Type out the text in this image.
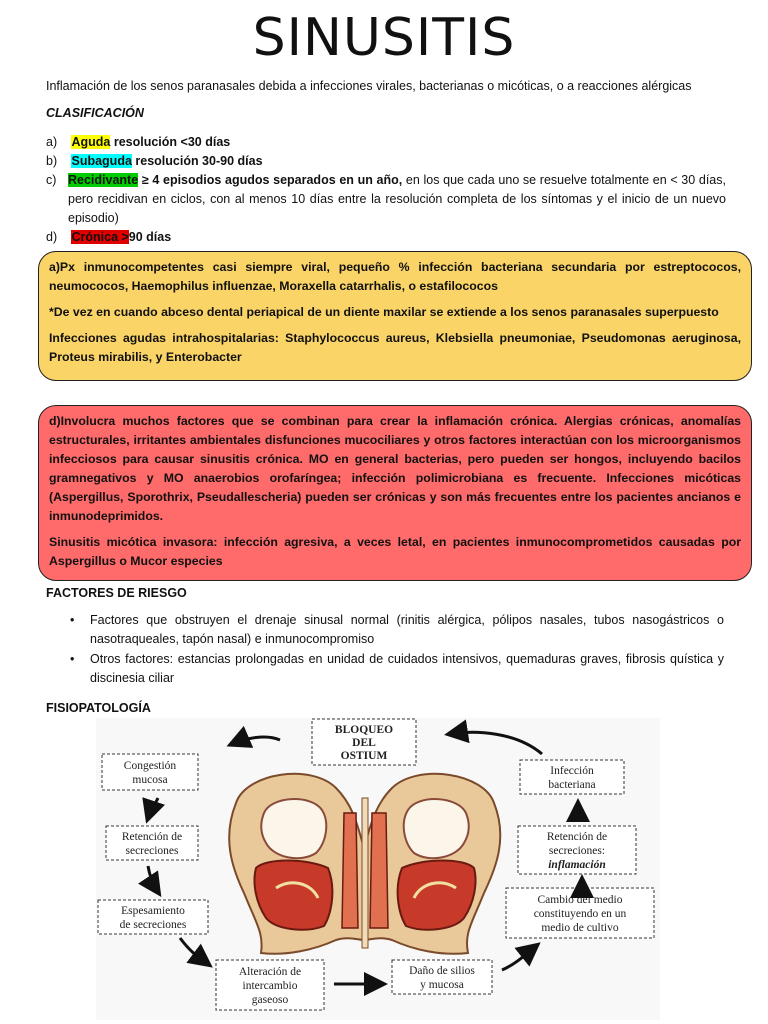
SINUSITIS
Inflamación de los senos paranasales debida a infecciones virales, bacterianas o micóticas, o a reacciones alérgicas
CLASIFICACIÓN
a) Aguda resolución <30 días
b) Subaguda resolución 30-90 días
c) Recidivante ≥ 4 episodios agudos separados en un año, en los que cada uno se resuelve totalmente en < 30 días, pero recidivan en ciclos, con al menos 10 días entre la resolución completa de los síntomas y el inicio de un nuevo episodio)
d) Crónica >90 días

a)Px inmunocompetentes casi siempre viral, pequeño % infección bacteriana secundaria por estreptococos, neumococos, Haemophilus influenzae, Moraxella catarrhalis, o estafilococos

*De vez en cuando abceso dental periapical de un diente maxilar se extiende a los senos paranasales superpuesto

Infecciones agudas intrahospitalarias: Staphylococcus aureus, Klebsiella pneumoniae, Pseudomonas aeruginosa, Proteus mirabilis, y Enterobacter

d)Involucra muchos factores que se combinan para crear la inflamación crónica. Alergias crónicas, anomalías estructurales, irritantes ambientales disfunciones mucociliares y otros factores interactúan con los microorganismos infecciosos para causar sinusitis crónica. MO en general bacterias, pero pueden ser hongos, incluyendo bacilos gramnegativos y MO anaerobios orofaríngea; infección polimicrobiana es frecuente. Infecciones micóticas (Aspergillus, Sporothrix, Pseudallescheria) pueden ser crónicas y son más frecuentes entre los pacientes ancianos e inmunodeprimidos.

Sinusitis micótica invasora: infección agresiva, a veces letal, en pacientes inmunocomprometidos causadas por Aspergillus o Mucor especies

FACTORES DE RIESGO
• Factores que obstruyen el drenaje sinusal normal (rinitis alérgica, pólipos nasales, tubos nasogástricos o nasotraqueales, tapón nasal) e inmunocompromiso
• Otros factores: estancias prolongadas en unidad de cuidados intensivos, quemaduras graves, fibrosis quística y discinesia ciliar
FISIOPATOLOGÍA
BLOQUEO
DEL
OSTIUM
Congestión
mucosa
Retención de
secreciones
Espesamiento
de secreciones
Alteración de
intercambio
gaseoso
Daño de silios
y mucosa
Cambio del medio
constituyendo en un
medio de cultivo
Retención de
secreciones:
inflamación
Infección
bacteriana
